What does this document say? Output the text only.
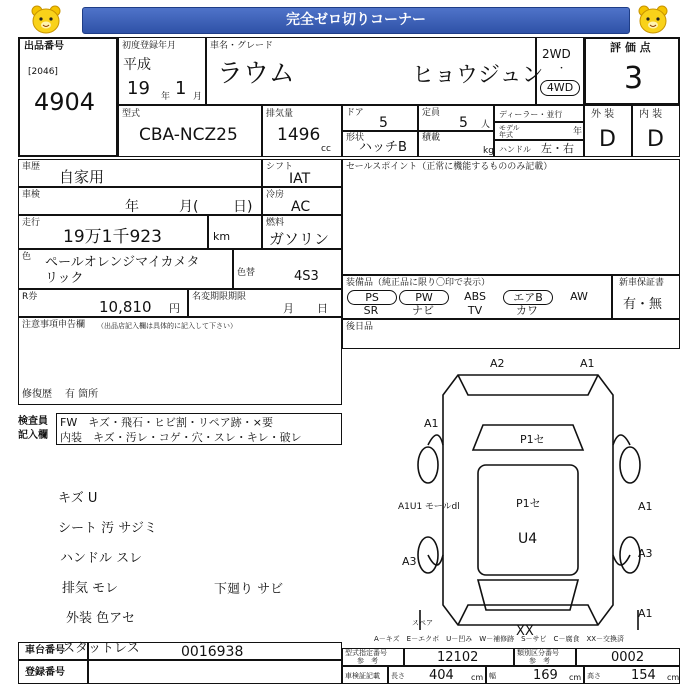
完全ゼロ切りコーナー
出品番号
[2046]
4904
初度登録年月
平成
19 年 1 月
車名・グレード
ラウム	ヒョウジュン
2WD
・
4WD
評 価 点
3
外 装
D
内 装
D
型式
CBA-NCZ25
排気量
1496
cc
ドア
5
定員
5 人
ディーラー・並行
モデル
年式	年
形状
ハッチB
積載
kg ハンドル 左・右
車歴
自家用
シフト
IAT
車検
年	月( 日)
冷房
AC
走行
19万1千923	km
燃料
ガソリン
色 ペールオレンジマイカメタ
リック	色替	4S3
R券
10,810 円
名変期限期限
月 日
注意事項申告欄 （出品店記入欄は具体的に記入して下さい）
修復歴 有 箇所
セールスポイント（正常に機能するもののみ記載）
装備品（純正品に限り〇印で表示）
PS	PW	ABS	エアB	AW
SR	ナビ	TV	カワ
新車保証書
有・無
後日品
検査員
記入欄
FW　キズ・飛石・ヒビ割・リペア跡・×要
内装　キズ・汚レ・コゲ・穴・スレ・キレ・破レ
キズ U
シート 汚 サジミ
ハンドル スレ
排気 モレ	下廻り サビ
外装 色アセ
スタットレス
A2	A1
A1
P1セ
A1U1 モールdl	P1セ
U4
A1
A3
A3
A1
XX
スペア
A－キズ　E－エクボ　U－凹み　W－補修跡　S－サビ　C－腐食　XX－交換済
車台番号	0016938
登録番号
型式指定番号
参　考	12102	類別区分番号
参　考	0002
車検証記載 長さ 404 cm 幅	169 cm 高さ 154 cm
